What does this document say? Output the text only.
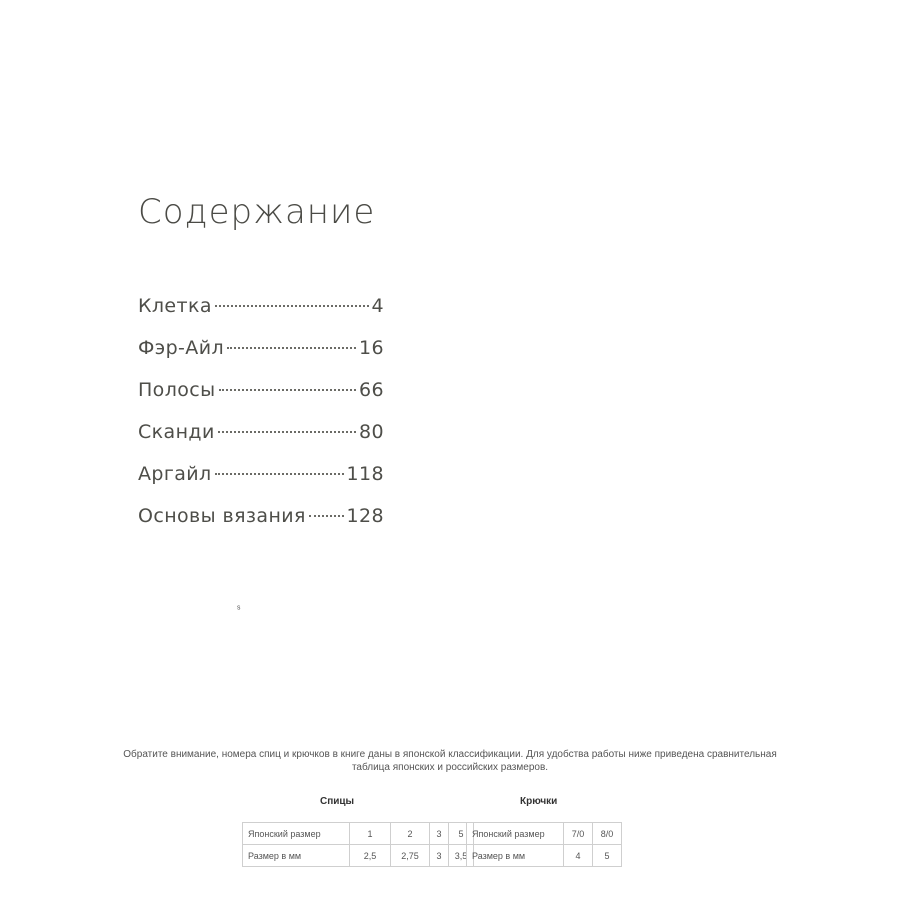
Содержание
Клетка	4
Фэр-Айл	16
Полосы	66
Сканди	80
Аргайл	118
Основы вязания 128
ˢ
Обратите внимание, номера спиц и крючков в книге даны в японской классификации. Для удобства работы ниже приведена сравнительная таблица японских и российских размеров.
Спицы
Японский размер	1	2	3	5
Размер в мм	2,5	2,75	3	3,5
Крючки
Японский размер	7/0	8/0
Размер в мм	4	5
